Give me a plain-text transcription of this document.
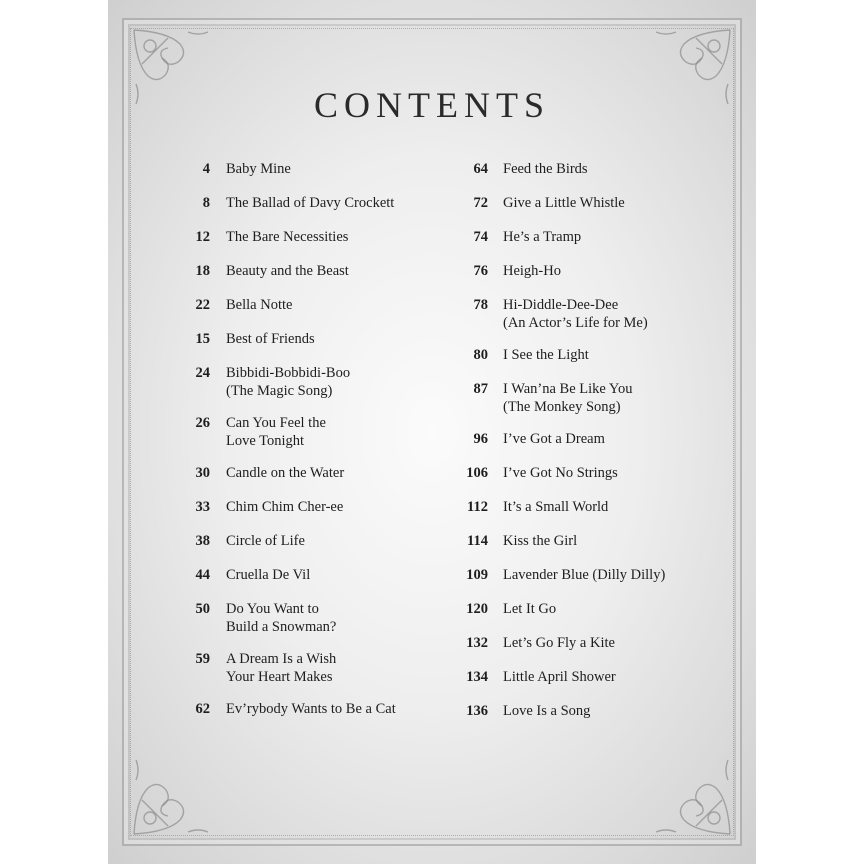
CONTENTS
4 Baby Mine
8 The Ballad of Davy Crockett
12 The Bare Necessities
18 Beauty and the Beast
22 Bella Notte
15 Best of Friends
24 Bibbidi-Bobbidi-Boo
(The Magic Song)
26 Can You Feel the
Love Tonight
30 Candle on the Water
33 Chim Chim Cher-ee
38 Circle of Life
44 Cruella De Vil
50 Do You Want to
Build a Snowman?
59 A Dream Is a Wish
Your Heart Makes
62 Ev’rybody Wants to Be a Cat
64 Feed the Birds
72 Give a Little Whistle
74 He’s a Tramp
76 Heigh-Ho
78 Hi-Diddle-Dee-Dee
(An Actor’s Life for Me)
80 I See the Light
87 I Wan’na Be Like You
(The Monkey Song)
96 I’ve Got a Dream
106 I’ve Got No Strings
112 It’s a Small World
114 Kiss the Girl
109 Lavender Blue (Dilly Dilly)
120 Let It Go
132 Let’s Go Fly a Kite
134 Little April Shower
136 Love Is a Song
